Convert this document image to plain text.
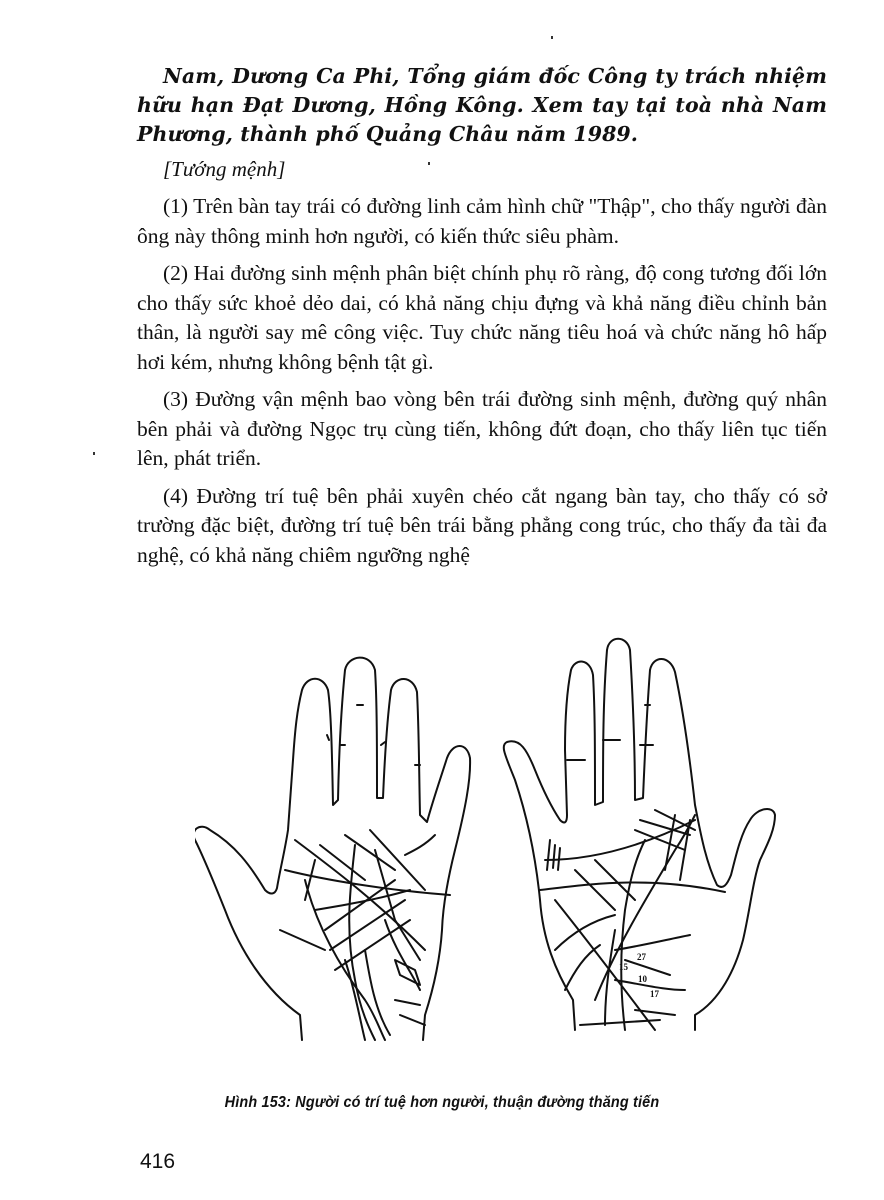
Nam, Dương Ca Phi, Tổng giám đốc Công ty trách nhiệm hữu hạn Đạt Dương, Hồng Kông. Xem tay tại toà nhà Nam Phương, thành phố Quảng Châu năm 1989.

[Tướng mệnh]

(1) Trên bàn tay trái có đường linh cảm hình chữ "Thập", cho thấy người đàn ông này thông minh hơn người, có kiến thức siêu phàm.

(2) Hai đường sinh mệnh phân biệt chính phụ rõ ràng, độ cong tương đối lớn cho thấy sức khoẻ dẻo dai, có khả năng chịu đựng và khả năng điều chỉnh bản thân, là người say mê công việc. Tuy chức năng tiêu hoá và chức năng hô hấp hơi kém, nhưng không bệnh tật gì.

(3) Đường vận mệnh bao vòng bên trái đường sinh mệnh, đường quý nhân bên phải và đường Ngọc trụ cùng tiến, không đứt đoạn, cho thấy liên tục tiến lên, phát triển.

(4) Đường trí tuệ bên phải xuyên chéo cắt ngang bàn tay, cho thấy có sở trường đặc biệt, đường trí tuệ bên trái bằng phẳng cong trúc, cho thấy đa tài đa nghệ, có khả năng chiêm ngưỡng nghệ

27
15
10
17
Hình 153: Người có trí tuệ hơn người, thuận đường thăng tiến
416
